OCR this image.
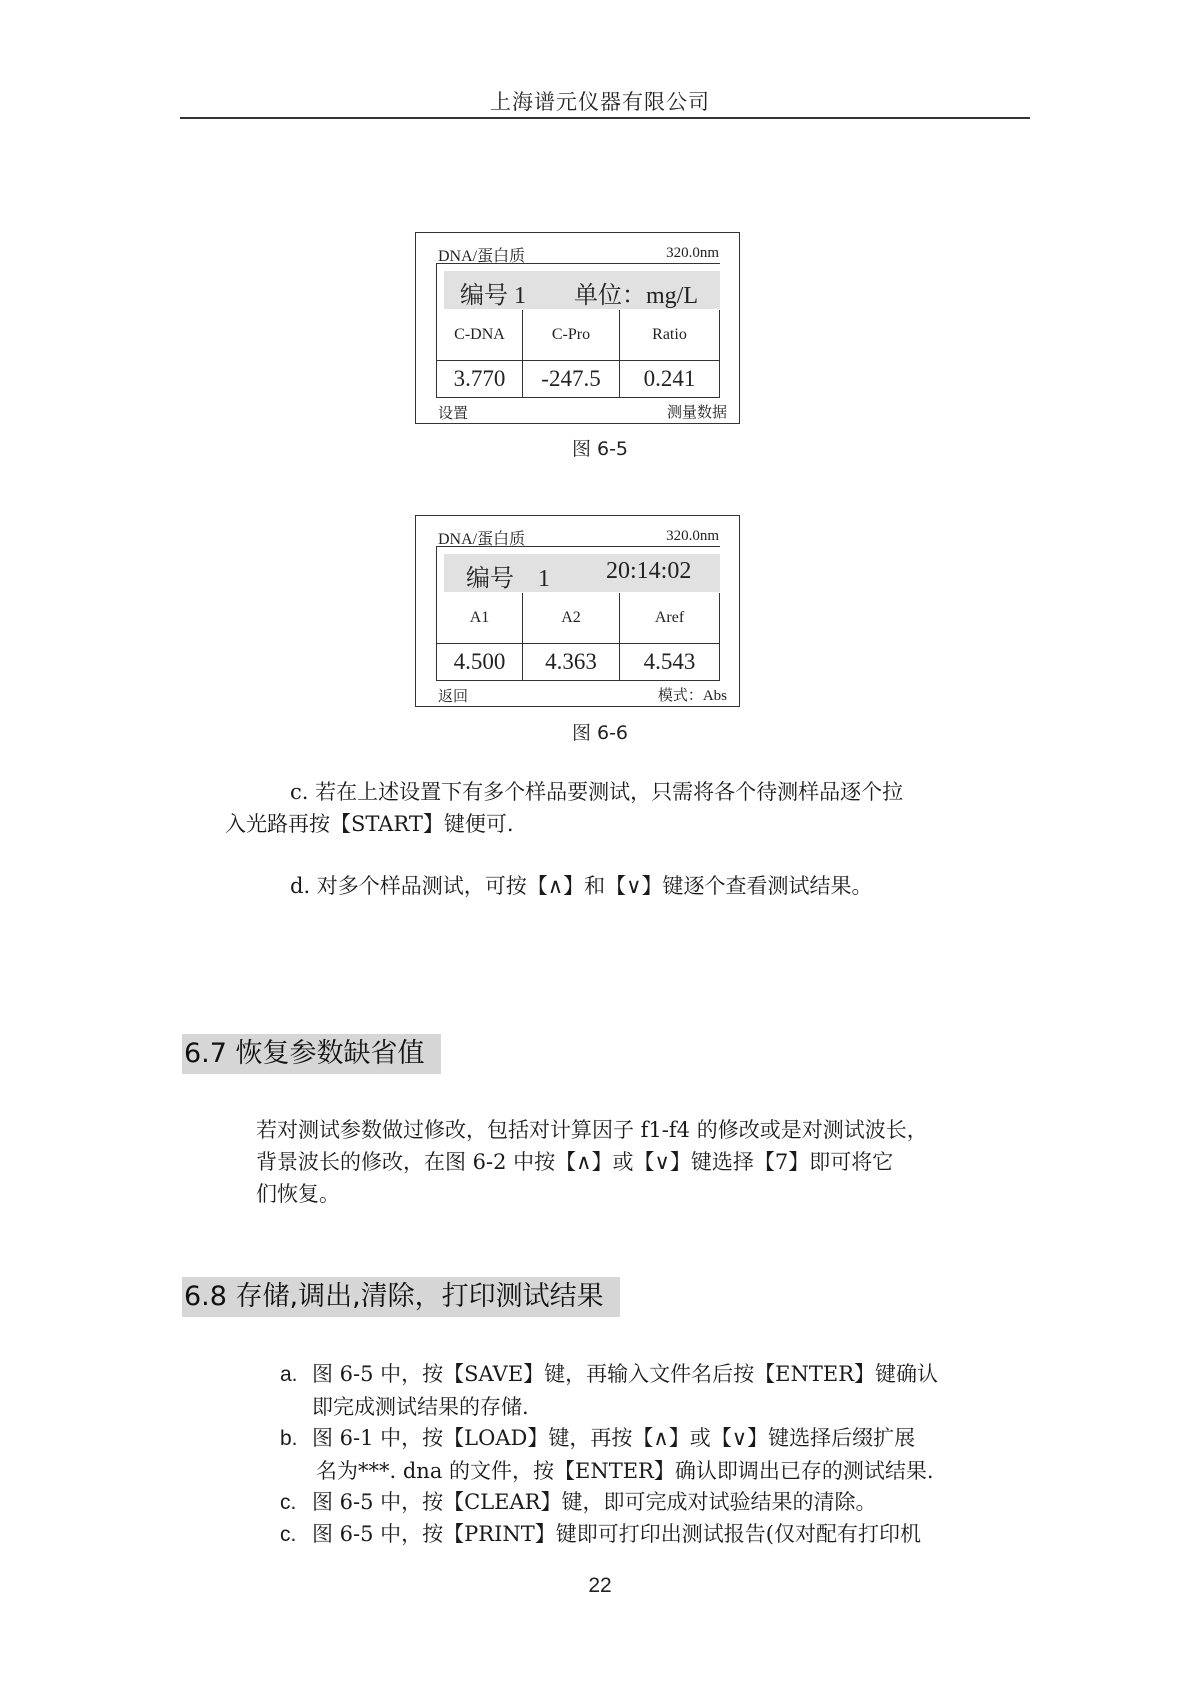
上海谱元仪器有限公司
DNA/蛋白质	320.0nm
编号 1 单位：mg/L
C-DNA	C-Pro	Ratio
3.770	-247.5	0.241
设置	测量数据
图 6-5
DNA/蛋白质	320.0nm
编号　1 20:14:02
A1	A2	Aref
4.500	4.363	4.543
返回	模式：Abs
图 6-6
c. 若在上述设置下有多个样品要测试，只需将各个待测样品逐个拉
入光路再按【START】键便可.
d. 对多个样品测试，可按【∧】和【∨】键逐个查看测试结果。
6.7 恢复参数缺省值
若对测试参数做过修改，包括对计算因子 f1-f4 的修改或是对测试波长，
背景波长的修改，在图 6-2 中按【∧】或【∨】键选择【7】即可将它
们恢复。
6.8 存储,调出,清除，打印测试结果
a. 图 6-5 中，按【SAVE】键，再输入文件名后按【ENTER】键确认
即完成测试结果的存储.
b. 图 6-1 中，按【LOAD】键，再按【∧】或【∨】键选择后缀扩展
名为***. dna 的文件，按【ENTER】确认即调出已存的测试结果.
c. 图 6-5 中，按【CLEAR】键，即可完成对试验结果的清除。
c. 图 6-5 中，按【PRINT】键即可打印出测试报告(仅对配有打印机
22
